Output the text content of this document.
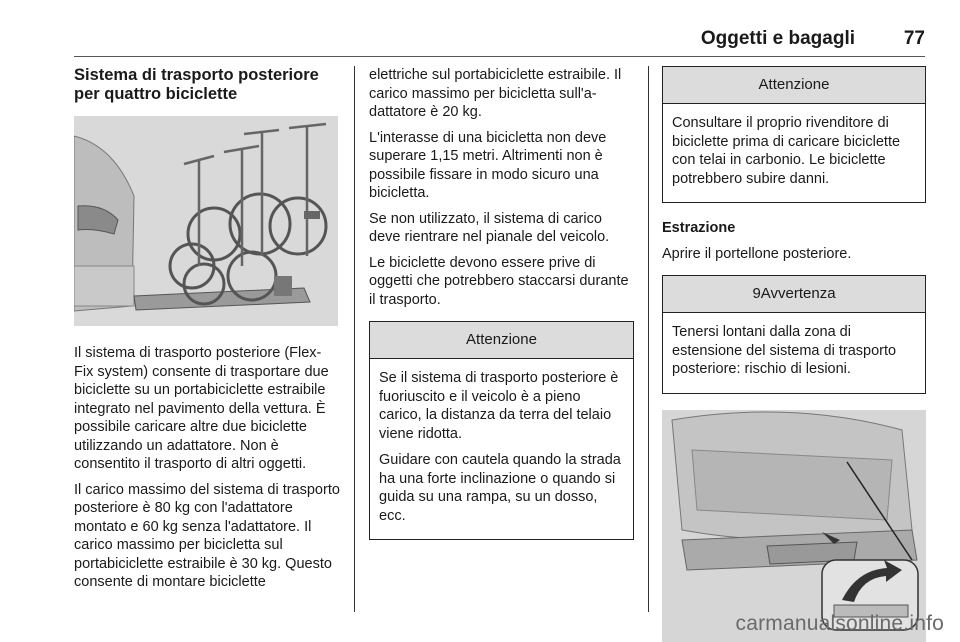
Oggetti e bagagli	77
Sistema di trasporto posteriore per quattro biciclette

Il sistema di trasporto posteriore (Flex-Fix system) consente di trasportare due biciclette su un portabiciclette estraibile integrato nel pavimento della vettura. È possibile caricare altre due biciclette utilizzando un adattatore. Non è consentito il trasporto di altri oggetti.

Il carico massimo del sistema di trasporto posteriore è 80 kg con l'adattatore montato e 60 kg senza l'adattatore. Il carico massimo per bicicletta sul portabiciclette estraibile è 30 kg. Questo consente di montare biciclette

elettriche sul portabiciclette estraibile. Il carico massimo per bicicletta sull'adattatore è 20 kg.

L'interasse di una bicicletta non deve superare 1,15 metri. Altrimenti non è possibile fissare in modo sicuro una bicicletta.

Se non utilizzato, il sistema di carico deve rientrare nel pianale del veicolo.

Le biciclette devono essere prive di oggetti che potrebbero staccarsi durante il trasporto.

Attenzione

Se il sistema di trasporto posteriore è fuoriuscito e il veicolo è a pieno carico, la distanza da terra del telaio viene ridotta.

Guidare con cautela quando la strada ha una forte inclinazione o quando si guida su una rampa, su un dosso, ecc.

Attenzione

Consultare il proprio rivenditore di biciclette prima di caricare biciclette con telai in carbonio. Le biciclette potrebbero subire danni.

Estrazione

Aprire il portellone posteriore.

9Avvertenza

Tenersi lontani dalla zona di estensione del sistema di trasporto posteriore: rischio di lesioni.

carmanualsonline.info
